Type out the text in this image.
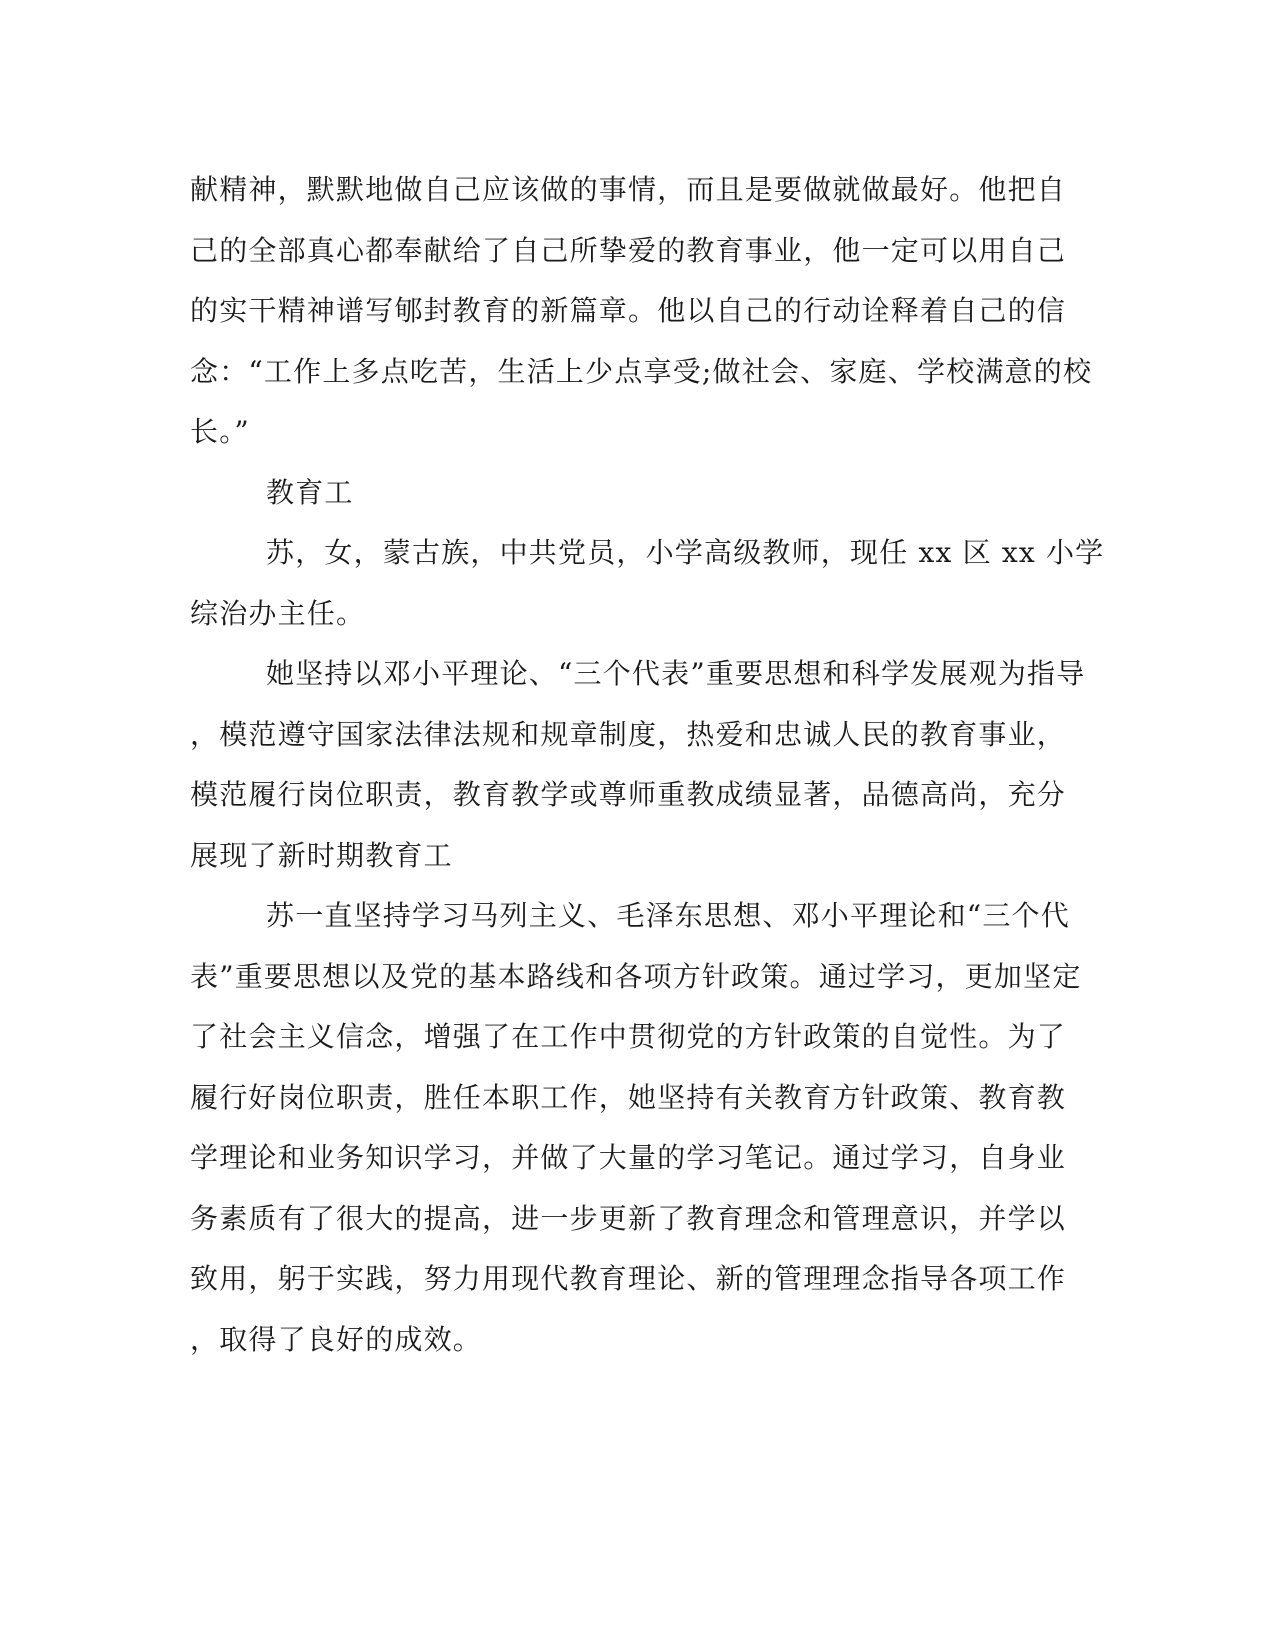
献精神，默默地做自己应该做的事情，而且是要做就做最好。他把自
己的全部真心都奉献给了自己所挚爱的教育事业，他一定可以用自己
的实干精神谱写郇封教育的新篇章。他以自己的行动诠释着自己的信
念：“工作上多点吃苦，生活上少点享受;做社会、家庭、学校满意的校
长。”
教育工
苏，女，蒙古族，中共党员，小学高级教师，现任 xx 区 xx 小学
综治办主任。
她坚持以邓小平理论、“三个代表”重要思想和科学发展观为指导
，模范遵守国家法律法规和规章制度，热爱和忠诚人民的教育事业，
模范履行岗位职责，教育教学或尊师重教成绩显著，品德高尚，充分
展现了新时期教育工
苏一直坚持学习马列主义、毛泽东思想、邓小平理论和“三个代
表”重要思想以及党的基本路线和各项方针政策。通过学习，更加坚定
了社会主义信念，增强了在工作中贯彻党的方针政策的自觉性。为了
履行好岗位职责，胜任本职工作，她坚持有关教育方针政策、教育教
学理论和业务知识学习，并做了大量的学习笔记。通过学习，自身业
务素质有了很大的提高，进一步更新了教育理念和管理意识，并学以
致用，躬于实践，努力用现代教育理论、新的管理理念指导各项工作
，取得了良好的成效。
